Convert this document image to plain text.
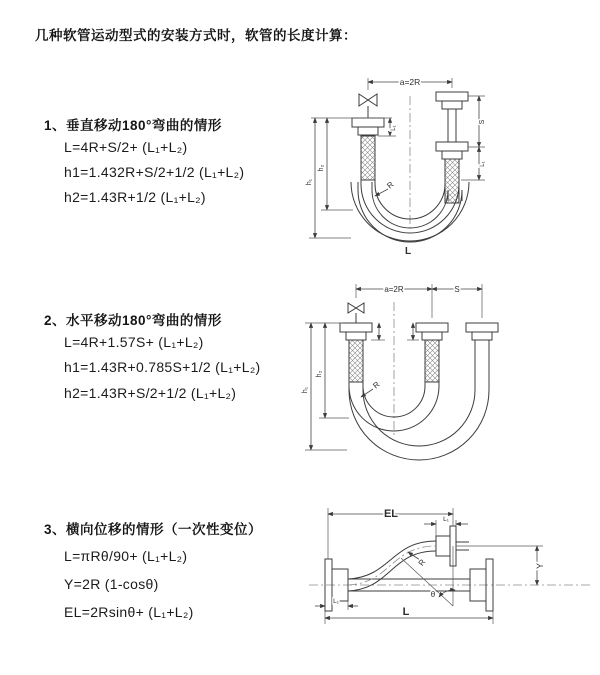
几种软管运动型式的安装方式时，软管的长度计算：
1、垂直移动180°弯曲的情形
L=4R+S/2+ (L₁+L₂)
h1=1.432R+S/2+1/2 (L₁+L₂)
h2=1.43R+1/2 (L₁+L₂)
2、水平移动180°弯曲的情形
L=4R+1.57S+ (L₁+L₂)
h1=1.43R+0.785S+1/2 (L₁+L₂)
h2=1.43R+S/2+1/2 (L₁+L₂)
3、横向位移的情形（一次性变位）
L=πRθ/90+ (L₁+L₂)
Y=2R (1-cosθ)
EL=2Rsinθ+ (L₁+L₂)
a=2R
h₁
h₂
L₁
S
L₁
R
L
a=2R	S
h₁
h₂
R
EL	L₁
Y
L
L₁
θ
R
